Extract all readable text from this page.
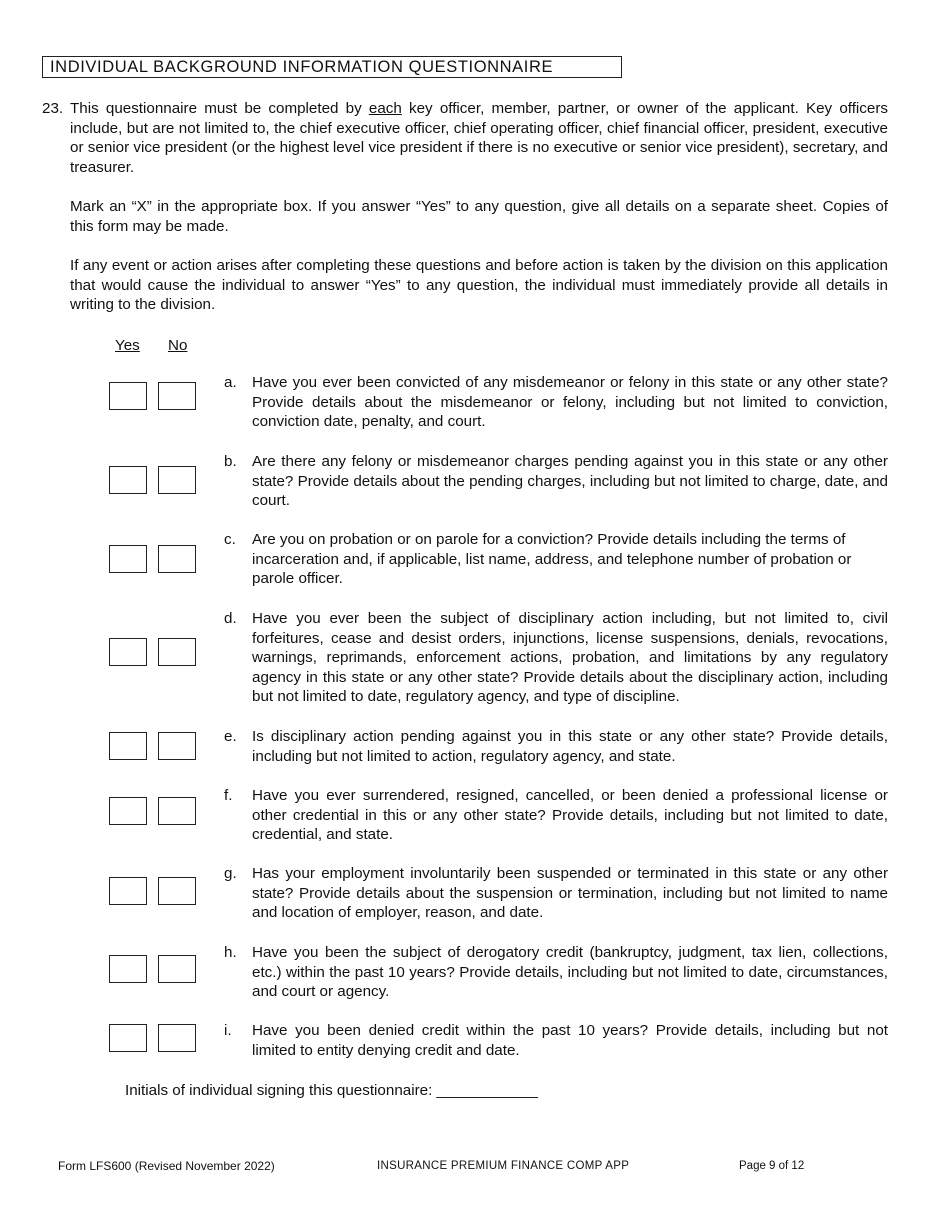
INDIVIDUAL BACKGROUND INFORMATION QUESTIONNAIRE
23. This questionnaire must be completed by each key officer, member, partner, or owner of the applicant. Key officers include, but are not limited to, the chief executive officer, chief operating officer, chief financial officer, president, executive or senior vice president (or the highest level vice president if there is no executive or senior vice president), secretary, and treasurer.
Mark an “X” in the appropriate box. If you answer “Yes” to any question, give all details on a separate sheet. Copies of this form may be made.
If any event or action arises after completing these questions and before action is taken by the division on this application that would cause the individual to answer “Yes” to any question, the individual must immediately provide all details in writing to the division.
Yes No
a. Have you ever been convicted of any misdemeanor or felony in this state or any other state? Provide details about the misdemeanor or felony, including but not limited to conviction, conviction date, penalty, and court.
b. Are there any felony or misdemeanor charges pending against you in this state or any other state? Provide details about the pending charges, including but not limited to charge, date, and court.
c. Are you on probation or on parole for a conviction? Provide details including the terms of incarceration and, if applicable, list name, address, and telephone number of probation or parole officer.
d. Have you ever been the subject of disciplinary action including, but not limited to, civil forfeitures, cease and desist orders, injunctions, license suspensions, denials, revocations, warnings, reprimands, enforcement actions, probation, and limitations by any regulatory agency in this state or any other state? Provide details about the disciplinary action, including but not limited to date, regulatory agency, and type of discipline.
e. Is disciplinary action pending against you in this state or any other state? Provide details, including but not limited to action, regulatory agency, and state.
f. Have you ever surrendered, resigned, cancelled, or been denied a professional license or other credential in this or any other state? Provide details, including but not limited to date, credential, and state.
g. Has your employment involuntarily been suspended or terminated in this state or any other state? Provide details about the suspension or termination, including but not limited to name and location of employer, reason, and date.
h. Have you been the subject of derogatory credit (bankruptcy, judgment, tax lien, collections, etc.) within the past 10 years? Provide details, including but not limited to date, circumstances, and court or agency.
i. Have you been denied credit within the past 10 years? Provide details, including but not limited to entity denying credit and date.
Initials of individual signing this questionnaire: ____________
Form LFS600 (Revised November 2022)	INSURANCE PREMIUM FINANCE COMP APP	Page 9 of 12
